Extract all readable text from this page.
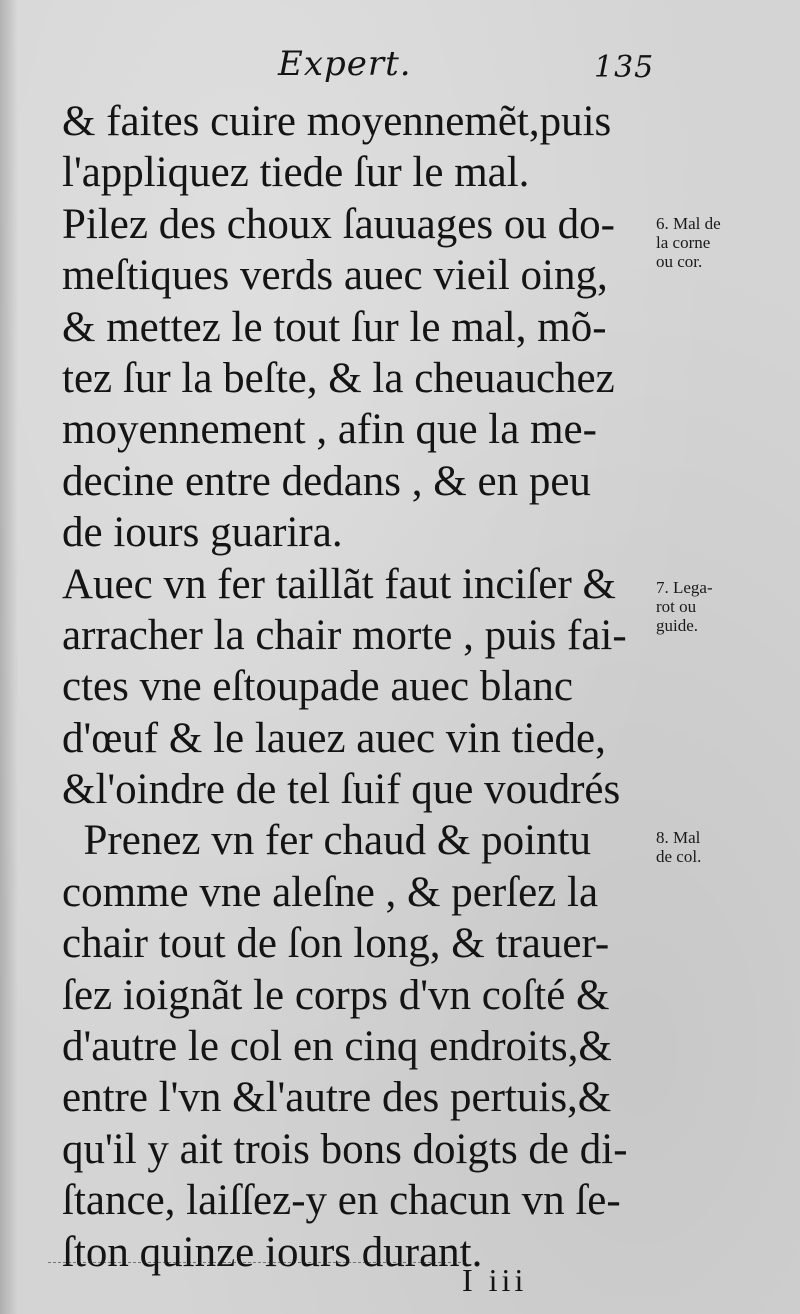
Expert.	135
& faites cuire moyennemẽt,puis
l'appliquez tiede ſur le mal.
Pilez des choux ſauuages ou do-
meſtiques verds auec vieil oing,
& mettez le tout ſur le mal, mõ-
tez ſur la beſte, & la cheuauchez
moyennement , afin que la me-
decine entre dedans , & en peu
de iours guarira.
Auec vn fer taillãt faut inciſer &
arracher la chair morte , puis fai-
ctes vne eſtoupade auec blanc
d'œuf & le lauez auec vin tiede,
&l'oindre de tel ſuif que voudrés
Prenez vn fer chaud & pointu
comme vne aleſne , & perſez la
chair tout de ſon long, & trauer-
ſez ioignãt le corps d'vn coſté &
d'autre le col en cinq endroits,&
entre l'vn &l'autre des pertuis,&
qu'il y ait trois bons doigts de di-
ſtance, laiſſez-y en chacun vn ſe-
ſton quinze iours durant.
6. Mal de
la corne
ou cor.
7. Lega-
rot ou
guide.
8. Mal
de col.
I iii
